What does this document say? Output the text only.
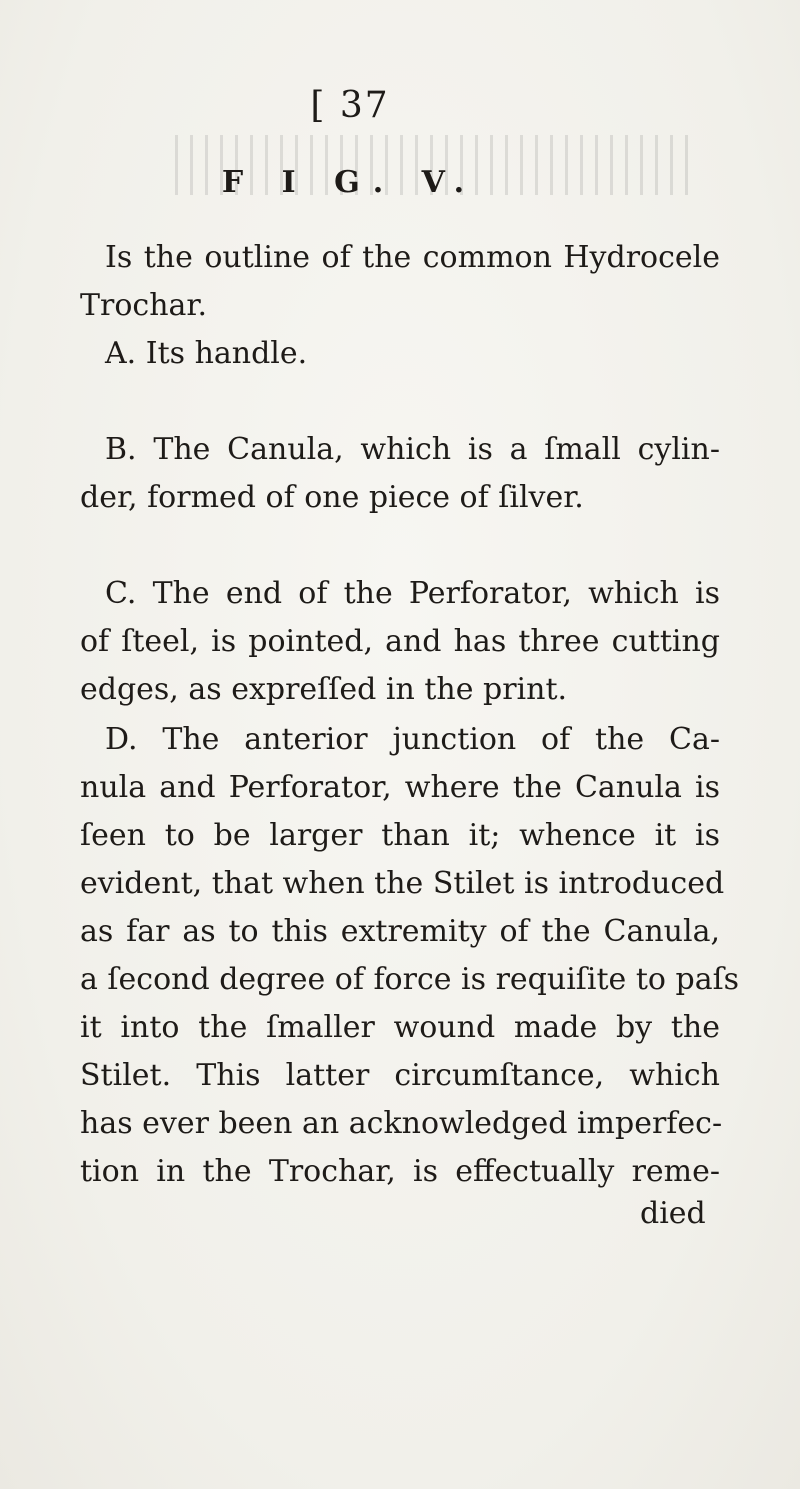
[ 37
F I G. V.
Is the outline of the common Hydrocele
Trochar.
A. Its handle.
B. The Canula, which is a ſmall cylin-
der, formed of one piece of ſilver.
C. The end of the Perforator, which is
of ſteel, is pointed, and has three cutting
edges, as expreſſed in the print.
D. The anterior junction of the Ca-
nula and Perforator, where the Canula is
ſeen to be larger than it; whence it is
evident, that when the Stilet is introduced
as far as to this extremity of the Canula,
a ſecond degree of force is requiſite to paſs
it into the ſmaller wound made by the
Stilet. This latter circumſtance, which
has ever been an acknowledged imperfec-
tion in the Trochar, is effectually reme-
died
